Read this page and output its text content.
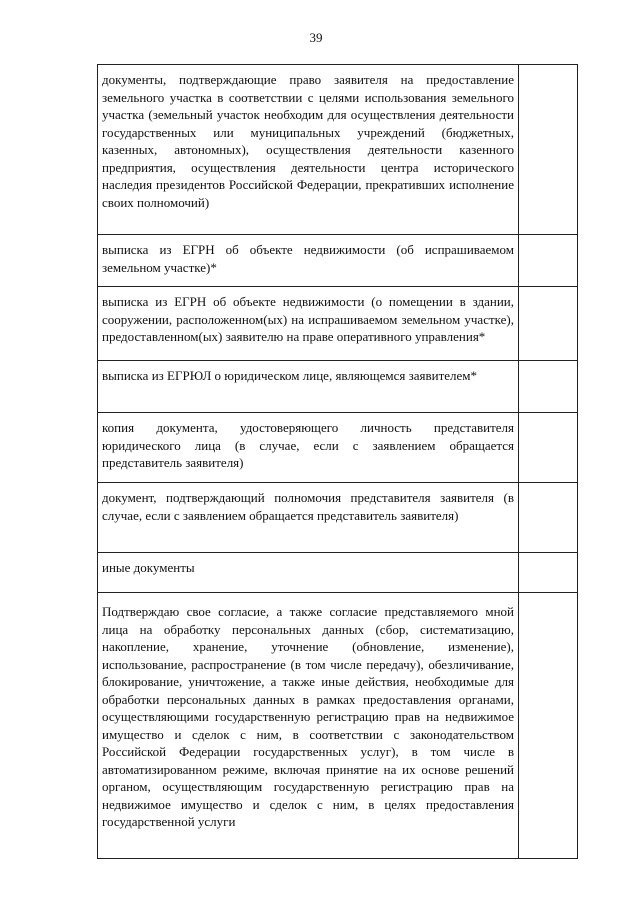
39
документы, подтверждающие право заявителя на предоставление земельного участка в соответствии с целями использования земельного участка (земельный участок необходим для осуществления деятельности государственных или муниципальных учреждений (бюджетных, казенных, автономных), осуществления деятельности казенного предприятия, осуществления деятельности центра исторического наследия президентов Российской Федерации, прекративших исполнение своих полномочий)
выписка из ЕГРН об объекте недвижимости (об испрашиваемом земельном участке)*
выписка из ЕГРН об объекте недвижимости (о помещении в здании, сооружении, расположенном(ых) на испрашиваемом земельном участке), предоставленном(ых) заявителю на праве оперативного управления*
выписка из ЕГРЮЛ о юридическом лице, являющемся заявителем*
копия документа, удостоверяющего личность представителя юридического лица (в случае, если с заявлением обращается представитель заявителя)
документ, подтверждающий полномочия представителя заявителя (в случае, если с заявлением обращается представитель заявителя)
иные документы
Подтверждаю свое согласие, а также согласие представляемого мной лица на обработку персональных данных (сбор, систематизацию, накопление, хранение, уточнение (обновление, изменение), использование, распространение (в том числе передачу), обезличивание, блокирование, уничтожение, а также иные действия, необходимые для обработки персональных данных в рамках предоставления органами, осуществляющими государственную регистрацию прав на недвижимое имущество и сделок с ним, в соответствии с законодательством Российской Федерации государственных услуг), в том числе в автоматизированном режиме, включая принятие на их основе решений органом, осуществляющим государственную регистрацию прав на недвижимое имущество и сделок с ним, в целях предоставления государственной услуги
